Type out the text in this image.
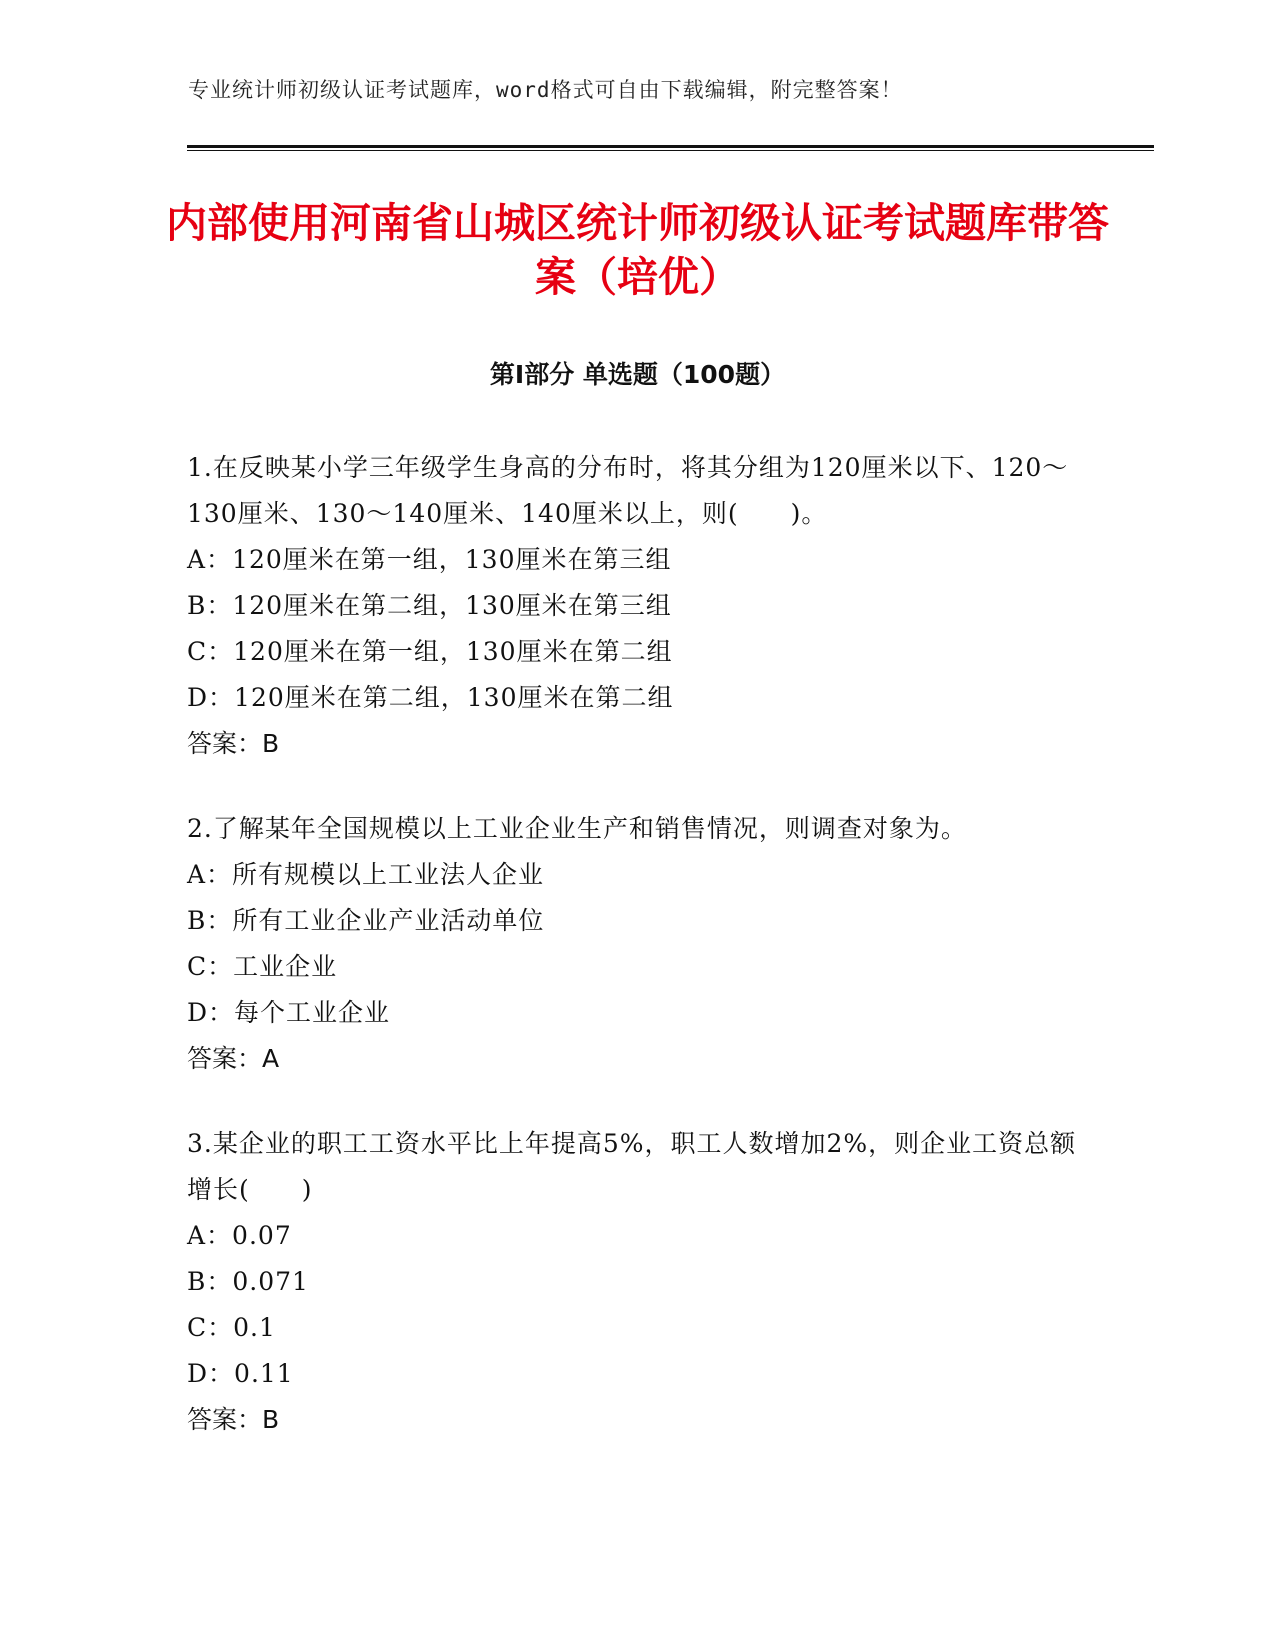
专业统计师初级认证考试题库，word格式可自由下载编辑，附完整答案！
内部使用河南省山城区统计师初级认证考试题库带答案（培优）
第Ⅰ部分 单选题（100题）

1.在反映某小学三年级学生身高的分布时，将其分组为120厘米以下、120～130厘米、130～140厘米、140厘米以上，则(　　)。

A：120厘米在第一组，130厘米在第三组

B：120厘米在第二组，130厘米在第三组

C：120厘米在第一组，130厘米在第二组

D：120厘米在第二组，130厘米在第二组

答案：B

2.了解某年全国规模以上工业企业生产和销售情况，则调查对象为。

A：所有规模以上工业法人企业

B：所有工业企业产业活动单位

C：工业企业

D：每个工业企业

答案：A

3.某企业的职工工资水平比上年提高5%，职工人数增加2%，则企业工资总额增长(　　)

A：0.07

B：0.071

C：0.1

D：0.11

答案：B
